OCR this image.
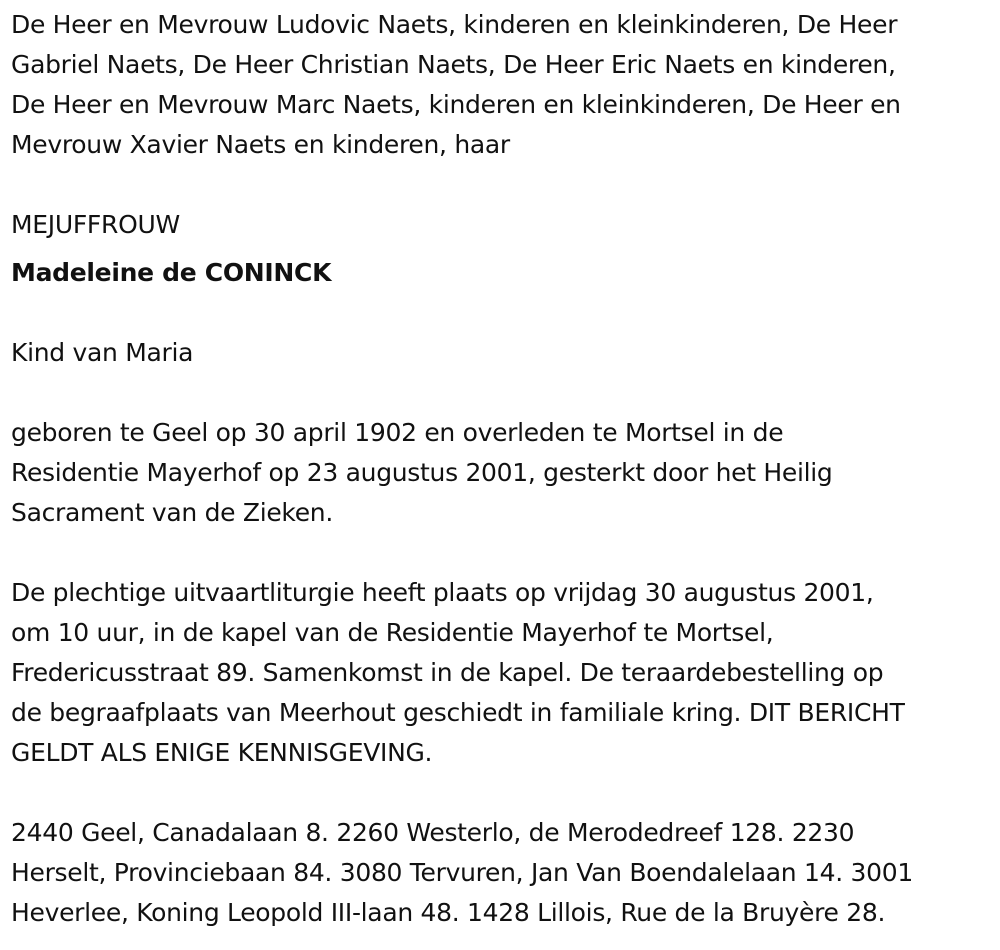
De Heer en Mevrouw Ludovic Naets, kinderen en kleinkinderen, De Heer
Gabriel Naets, De Heer Christian Naets, De Heer Eric Naets en kinderen,
De Heer en Mevrouw Marc Naets, kinderen en kleinkinderen, De Heer en
Mevrouw Xavier Naets en kinderen, haar
MEJUFFROUW
Madeleine de CONINCK
Kind van Maria
geboren te Geel op 30 april 1902 en overleden te Mortsel in de
Residentie Mayerhof op 23 augustus 2001, gesterkt door het Heilig
Sacrament van de Zieken.
De plechtige uitvaartliturgie heeft plaats op vrijdag 30 augustus 2001,
om 10 uur, in de kapel van de Residentie Mayerhof te Mortsel,
Fredericusstraat 89. Samenkomst in de kapel. De teraardebestelling op
de begraafplaats van Meerhout geschiedt in familiale kring. DIT BERICHT
GELDT ALS ENIGE KENNISGEVING.
2440 Geel, Canadalaan 8. 2260 Westerlo, de Merodedreef 128. 2230
Herselt, Provinciebaan 84. 3080 Tervuren, Jan Van Boendalelaan 14. 3001
Heverlee, Koning Leopold III-laan 48. 1428 Lillois, Rue de la Bruyère 28.
